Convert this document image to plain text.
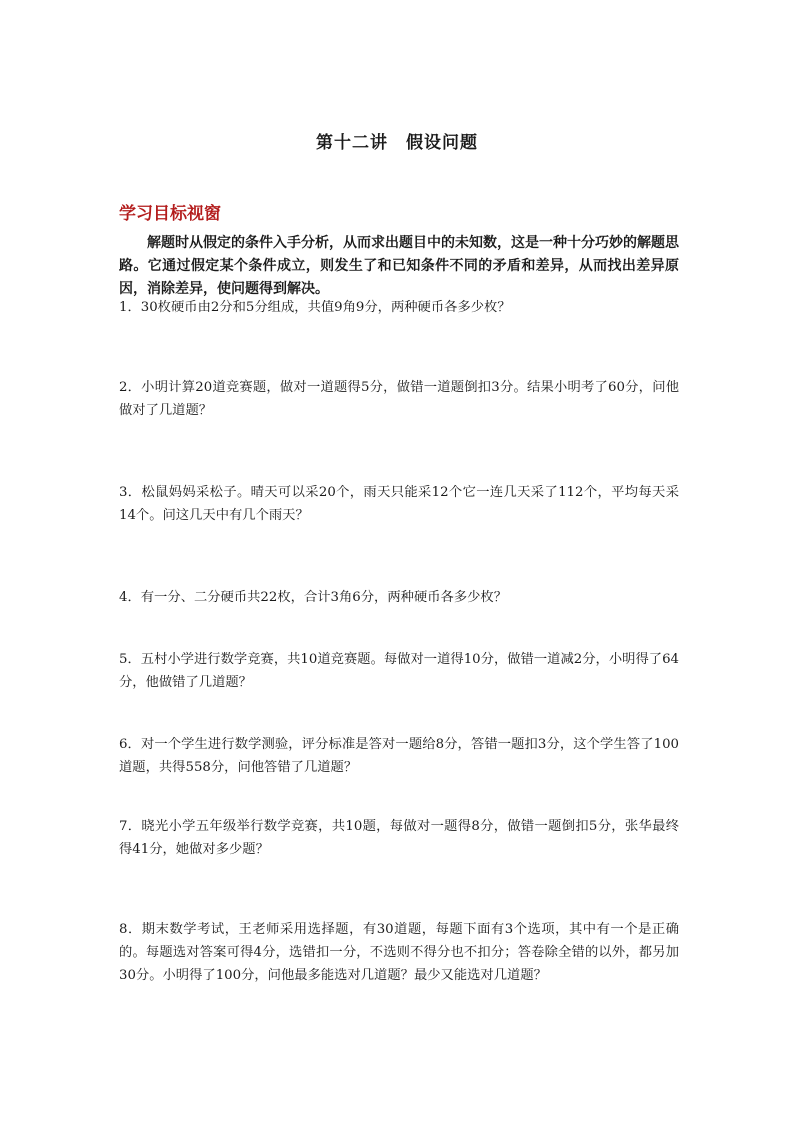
第十二讲　假设问题
学习目标视窗

解题时从假定的条件入手分析，从而求出题目中的未知数，这是一种十分巧妙的解题思路。它通过假定某个条件成立，则发生了和已知条件不同的矛盾和差异，从而找出差异原因，消除差异，使问题得到解决。

1．30枚硬币由2分和5分组成，共值9角9分，两种硬币各多少枚？

2．小明计算20道竞赛题，做对一道题得5分，做错一道题倒扣3分。结果小明考了60分，问他做对了几道题？

3．松鼠妈妈采松子。晴天可以采20个，雨天只能采12个它一连几天采了112个，平均每天采14个。问这几天中有几个雨天？

4．有一分、二分硬币共22枚，合计3角6分，两种硬币各多少枚？

5．五村小学进行数学竞赛，共10道竞赛题。每做对一道得10分，做错一道减2分，小明得了64分，他做错了几道题？

6．对一个学生进行数学测验，评分标准是答对一题给8分，答错一题扣3分，这个学生答了100道题，共得558分，问他答错了几道题？

7．晓光小学五年级举行数学竞赛，共10题，每做对一题得8分，做错一题倒扣5分，张华最终得41分，她做对多少题？

8．期末数学考试，王老师采用选择题，有30道题，每题下面有3个选项，其中有一个是正确的。每题选对答案可得4分，选错扣一分，不选则不得分也不扣分；答卷除全错的以外，都另加30分。小明得了100分，问他最多能选对几道题？最少又能选对几道题？
